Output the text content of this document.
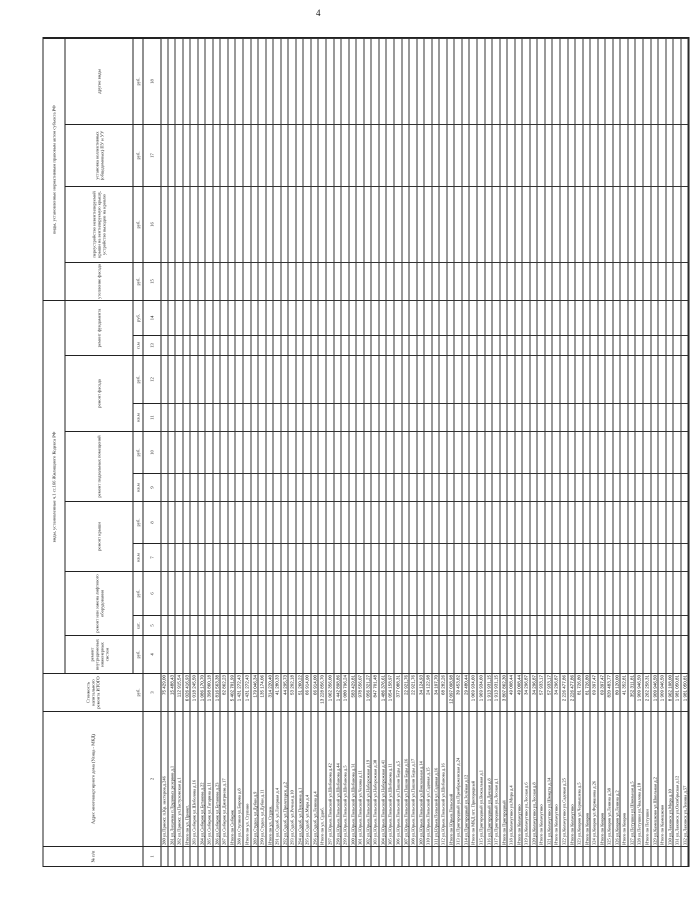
4
№ п/п
Адрес многоквартирного дома (Улица - МКД)
Стоимость капитального ремонта ИТОГО
виды, установленные ч.1 ст.166 Жилищного Кодекса РФ
виды, установленные нормативным правовым актом субъекта РФ
ремонт внутридомовых инженерных систем
ремонт или замена лифтового оборудования
ремонт крыши
ремонт подвальных помещений
ремонт фасада
ремонт фундамента
утепление фасада
переустройство невентилируемой крыши на вентилируемую крышу, устройство выходов на кровлю
установка коллективных (общедомовых) ПУ и УУ
другие виды
руб.
руб.
шт.
руб.
кв.м
руб.
кв.м
руб.
кв.м
руб.
п.м
руб.
руб.
руб.
руб.
руб.
1
2
3
4
5
6
7
8
9
10
11
12
13
14
15
16
17
18
280 ул.Приокт. п.Кр. нестеров.д.246
75 429,00
281 ул.Лихачева п.Трудовых резервов д.1
15 488,43
282 ул.Приокт. ул.Пастуховская д.1
112 915,54
Итого по ул. Приокт.
6 026 416,93
283 ул.Сибиряк ул.Шеболова д.16
1 018 245,50
284 ул.Сибиряк ул.Бутакова д.22
1 086 170,70
285 ул.Сибиряк ул.Гагарина д.11
1 398 860,18
286 ул.Сибиряк ул.Бутакова д.23
1 816 563,38
287 ул.Сибиряк ул.Дмитриева д.17
82 862,23
Итого по Сибиряк
5 402 701,99
288 ул.Ступино ул.Борова д.8
1 431 272,43
Итого по ул. Ступино
1 431 272,43
289 ул.Студен. ул.Дубки д.9
179 046,34
290 ул.Студен. ул.Дубки д.11
135 174,06
Итого по ул. Студен.
314 220,40
291 ул.Судоб. ул.Лагерная д.4
41 280,33
292 ул.Судоб. ул.Пролетарск. д.2
44 295,73
293 ул.Судоб. ул.Речная д.10
53 202,18
294 ул.Судоб. ул.Пушкина д.1
51 260,22
295 ул.Судоб. ул.Мира д.4
66 914,00
296 ул.Судоб. ул.Ленина д.4
66 914,00
Итого по ул. Судоб.
13 228 856,70
297 ул.Юрьев.Польский ул.Шибанова д.42
1 062 356,00
298 ул.Юрьев.Польский ул.Шибанова д.44
1 442 898,86
299 ул.Юрьев.Польский ул.Шибанова д.5
1 080 796,24
300 ул.Юрьев.Польский ул.Шибанова д.31
583 429,81
301 ул.Юрьев.Польский ул.Чехова д.11
978 556,07
302 ул.Юрьев.Польский ул.Набережная д.19
1 056 321,27
303 ул.Юрьев.Польский ул.Набережная д.30
847 701,48
304 ул.Юрьев.Польский ул.Набережная д.41
1 486 376,61
305 ул.Юрьев.Польский ул.Шибанова д.11
1 054 158,97
306 ул.Юрьев.Польский ул.Пашни Беды д.5
377 088,31
307 ул.Юрьев.Польский ул.Пашни Беды д.16
22 921,76
308 ул.Юрьев.Польский ул.Пашни Беды д.17
22 921,76
309 ул.Юрьев.Польский ул.Вокзальная д.14
34 124,93
310 ул.Юрьев.Польский ул.Садовая д.15
24 122,98
311 ул.Юрьев.Польский ул.Садовая д.16
34 107,70
312 ул.Юрьев.Польский ул.Шибанова д.16
68 282,26
Итого по Юрьев.Польский
12 097 098,98
313 ул.Пригородный ул.Преображенская д.24
39 453,82
314 ул.Пригородный ул.Зелёная д.12
29 480,44
Итого по МКД пгт. Пригородный
1 069 934,60
315 ул.Пригородный ул.Вокзальная д.1
1 969 934,60
316 ул.Пригородный ул.Дачная д.8
1 913 931,15
317 ул.Пригородный ул.Лесная д.1
1 913 931,15
Итого по Пригородный
3 807 862,30
318 ул.Кольчугино ул.Мира д.4
49 008,44
Итого по Кольчугино
49 008,44
319 ул.Кольчугино ул.Лесная д.6
34 296,87
320 ул.Кольчугино ул.Лесная д.8
34 296,87
Итого по Кольчугино
57 933,17
321 ул.Кольчугино ул.Шмидта д.14
57 933,17
Итого по Кольчугино
34 296,87
322 ул.Кольчугино ул.Садовая д.25
2 226 477,86
Итого по Кольчугино
2 226 477,86
323 ул.Ковров ул.Чернышева д.5
81 726,80
Итого по Ковров
81 726,80
324 ул.Ковров ул.Фурманова д.26
69 397,47
Итого по Ковров
69 397,47
325 ул.Ковров ул.Ленина д.38
820 483,77
326 ул.Ковров ул.Ленина д.2
80 120,00
Итого по Ковров
41 352,81
327 ул.Петушки ул.Школьная д.5
352 311,81
328 ул.Петушки ул.Чкалова д.10
1 909 946,50
Итого по Петушки
2 262 258,31
329 ул.Камешково ул.Школьная д.2
1 909 946,50
Итого по Камешково
1 909 946,50
330 ул.Лакинск ул.Мира д.10
8 962 108,00
331 ул.Лакинск ул.Октябрьская д.12
1 981 050,81
332 ул.Лакинск ул.Ленина д.57
1 981 050,81
